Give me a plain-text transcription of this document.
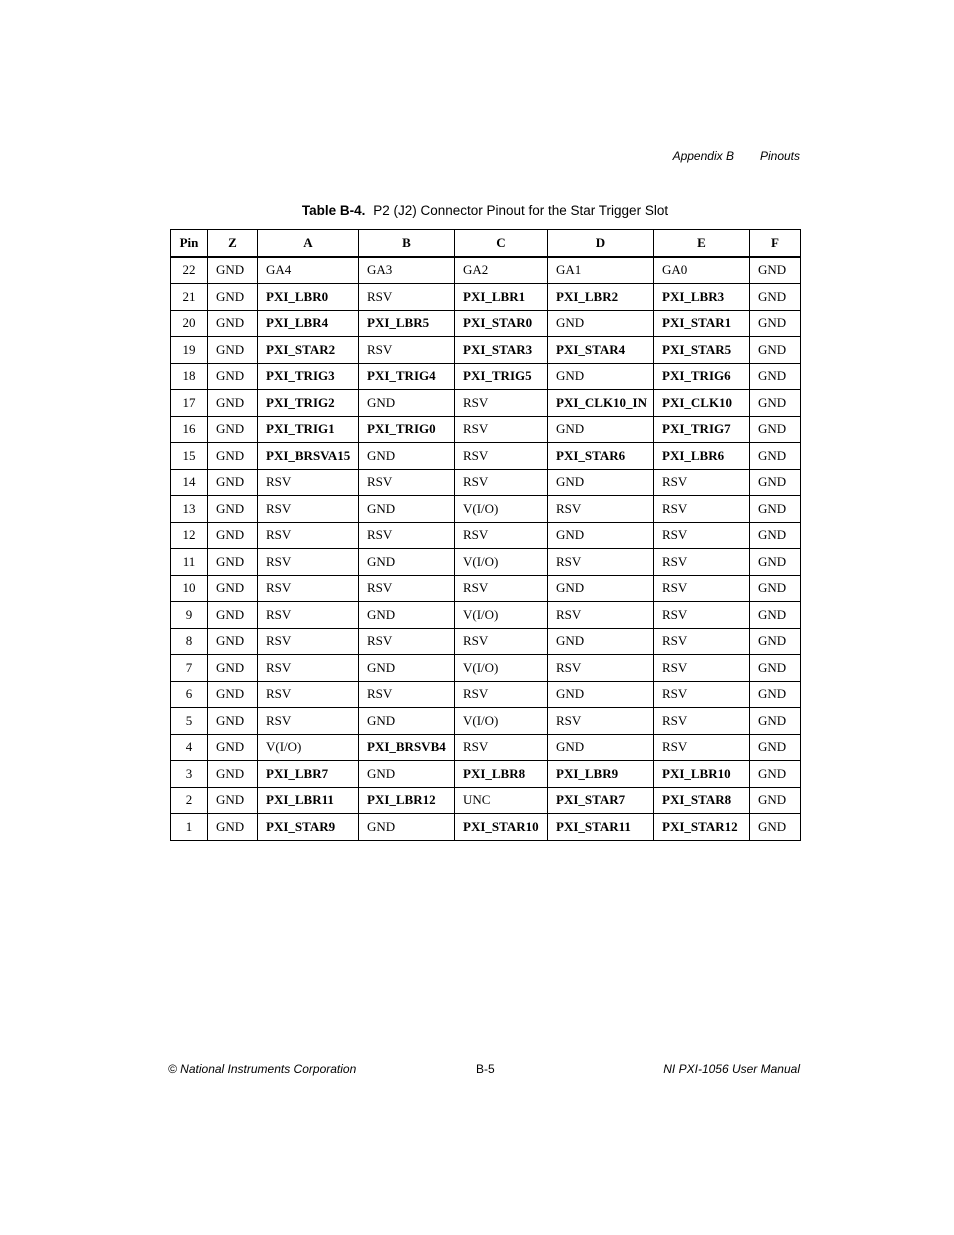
Appendix B Pinouts
Table B-4. P2 (J2) Connector Pinout for the Star Trigger Slot
Pin	Z	A	B	C	D	E	F
22	GND	GA4	GA3	GA2	GA1	GA0	GND
21	GND	PXI_LBR0	RSV	PXI_LBR1	PXI_LBR2	PXI_LBR3	GND
20	GND	PXI_LBR4	PXI_LBR5	PXI_STAR0	GND	PXI_STAR1	GND
19	GND	PXI_STAR2	RSV	PXI_STAR3	PXI_STAR4	PXI_STAR5	GND
18	GND	PXI_TRIG3	PXI_TRIG4	PXI_TRIG5	GND	PXI_TRIG6	GND
17	GND	PXI_TRIG2	GND	RSV	PXI_CLK10_IN	PXI_CLK10	GND
16	GND	PXI_TRIG1	PXI_TRIG0	RSV	GND	PXI_TRIG7	GND
15	GND	PXI_BRSVA15	GND	RSV	PXI_STAR6	PXI_LBR6	GND
14	GND	RSV	RSV	RSV	GND	RSV	GND
13	GND	RSV	GND	V(I/O)	RSV	RSV	GND
12	GND	RSV	RSV	RSV	GND	RSV	GND
11	GND	RSV	GND	V(I/O)	RSV	RSV	GND
10	GND	RSV	RSV	RSV	GND	RSV	GND
9	GND	RSV	GND	V(I/O)	RSV	RSV	GND
8	GND	RSV	RSV	RSV	GND	RSV	GND
7	GND	RSV	GND	V(I/O)	RSV	RSV	GND
6	GND	RSV	RSV	RSV	GND	RSV	GND
5	GND	RSV	GND	V(I/O)	RSV	RSV	GND
4	GND	V(I/O)	PXI_BRSVB4	RSV	GND	RSV	GND
3	GND	PXI_LBR7	GND	PXI_LBR8	PXI_LBR9	PXI_LBR10	GND
2	GND	PXI_LBR11	PXI_LBR12	UNC	PXI_STAR7	PXI_STAR8	GND
1	GND	PXI_STAR9	GND	PXI_STAR10	PXI_STAR11	PXI_STAR12	GND
© National Instruments Corporation	B-5	NI PXI-1056 User Manual
